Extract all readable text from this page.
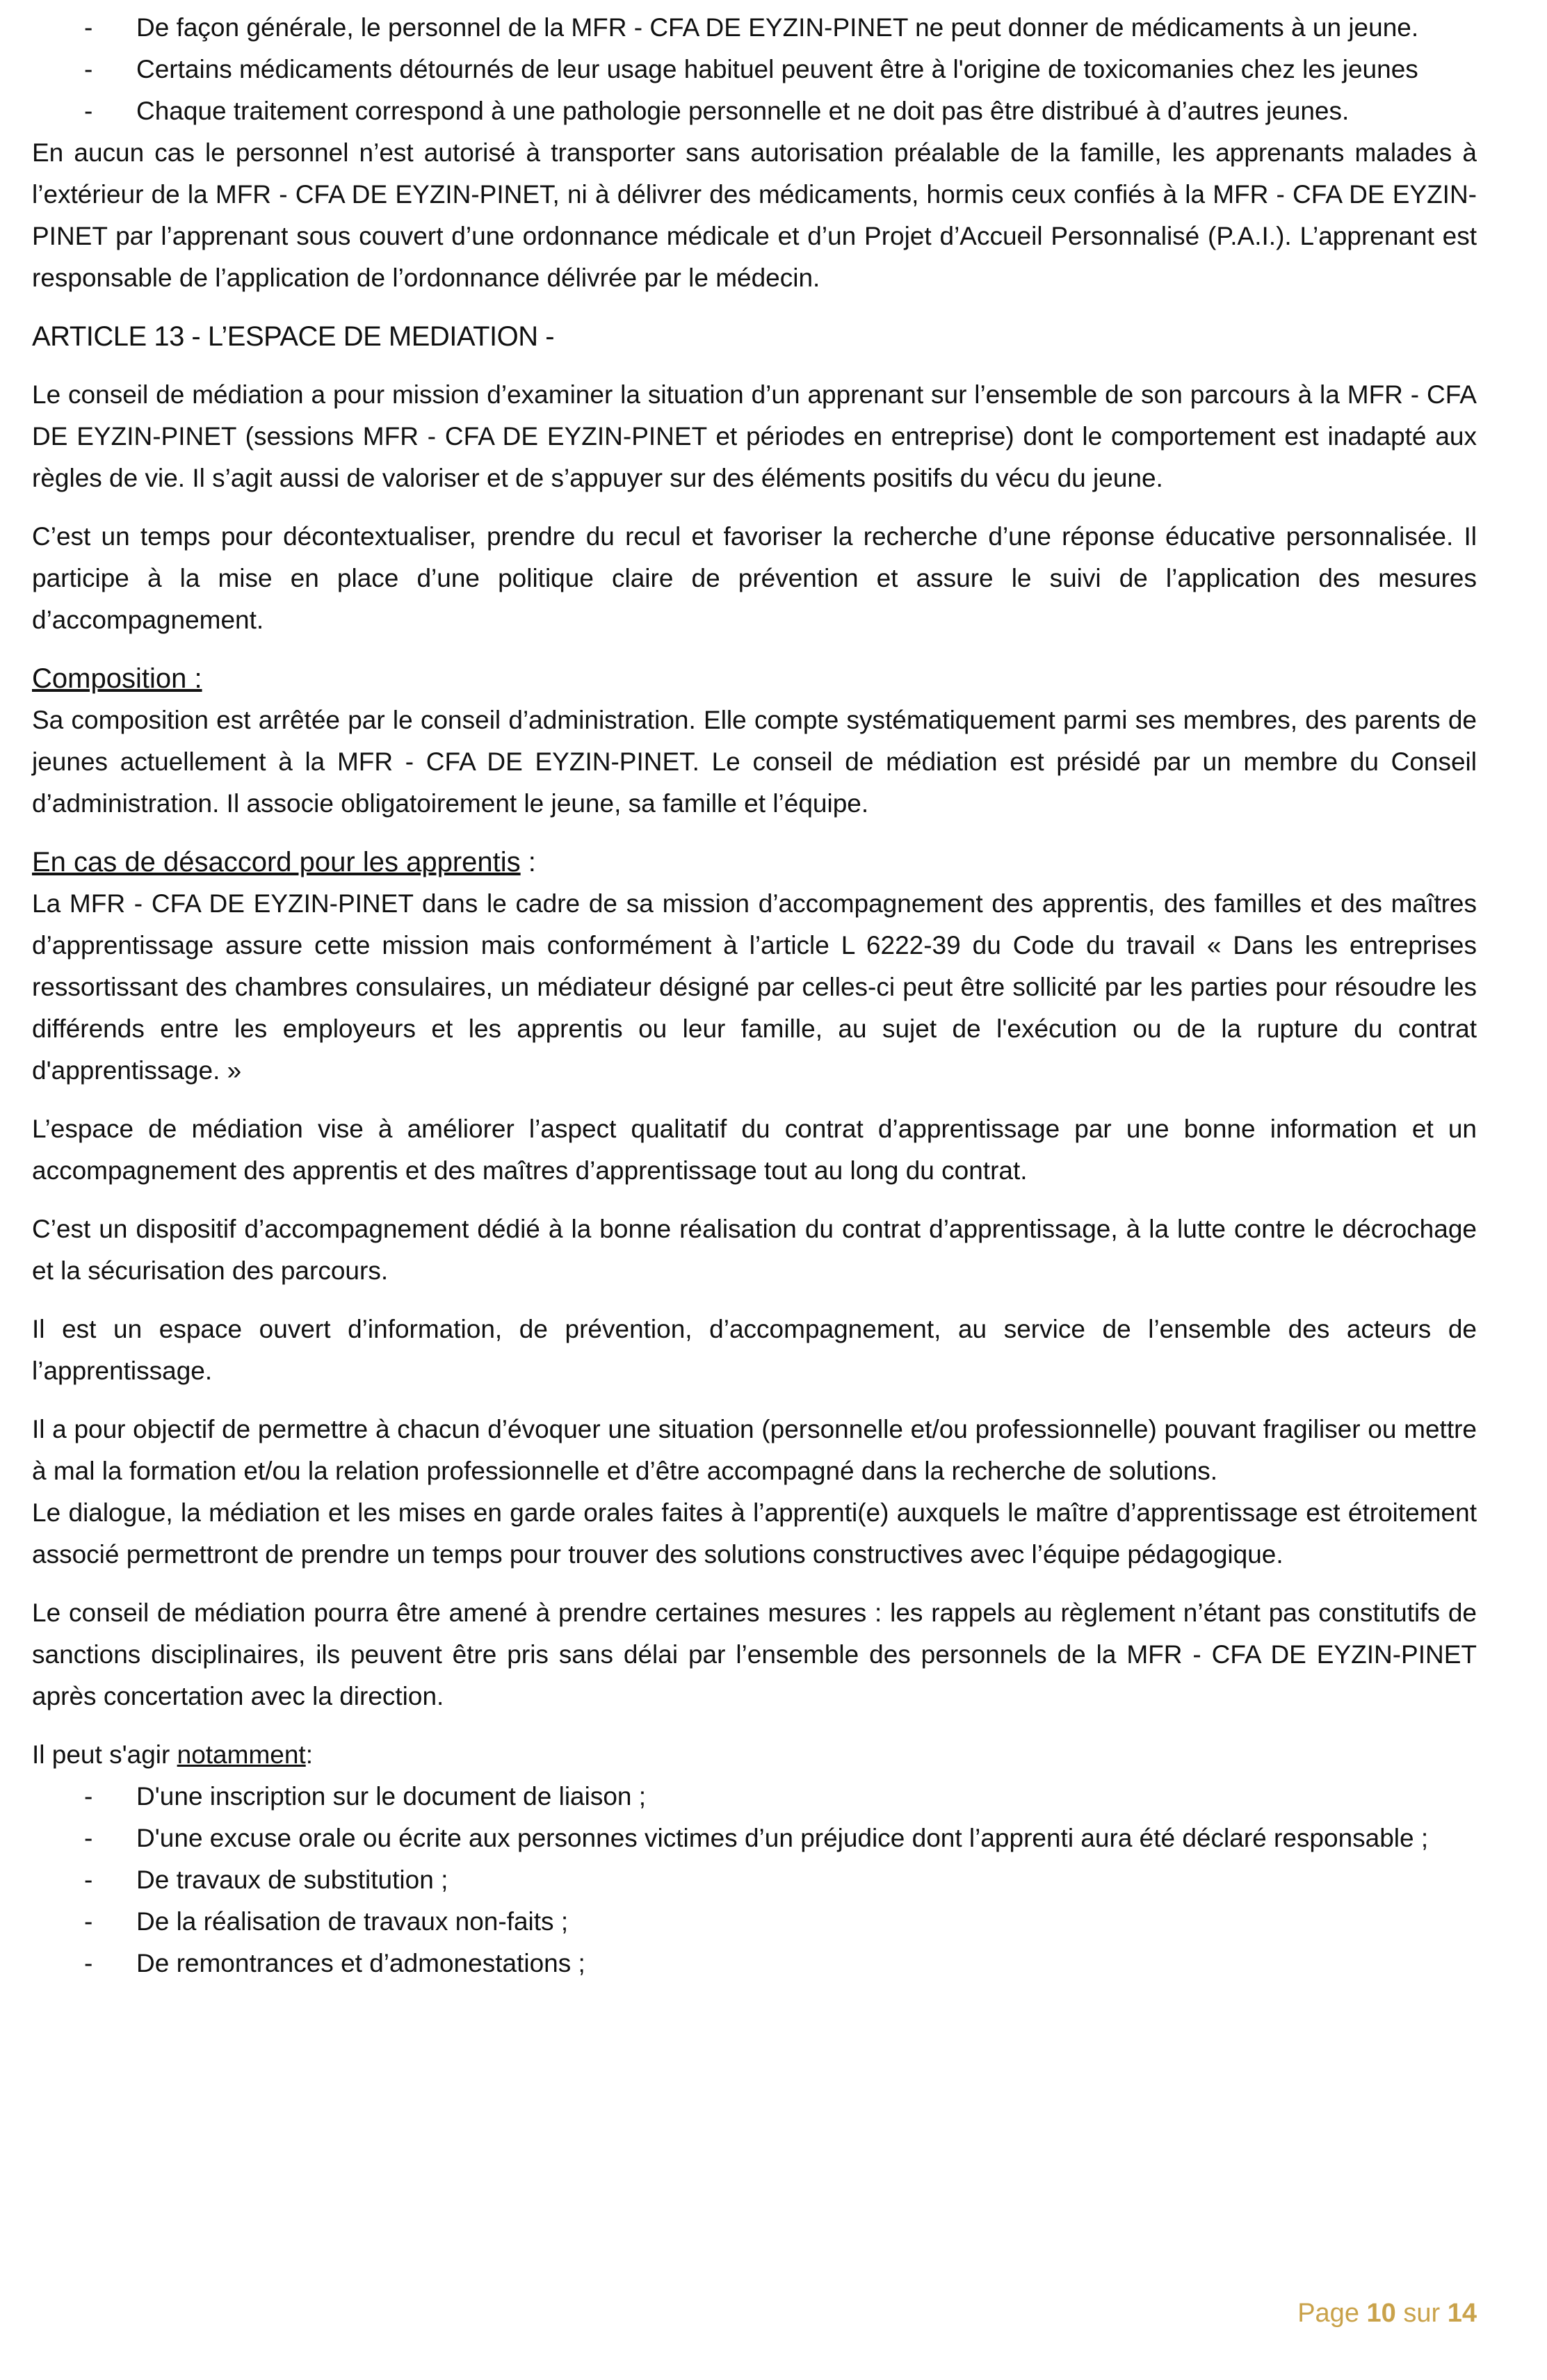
- De façon générale, le personnel de la MFR - CFA DE EYZIN-PINET ne peut donner de médicaments à un jeune.
- Certains médicaments détournés de leur usage habituel peuvent être à l'origine de toxicomanies chez les jeunes
- Chaque traitement correspond à une pathologie personnelle et ne doit pas être distribué à d’autres jeunes.

En aucun cas le personnel n’est autorisé à transporter sans autorisation préalable de la famille, les apprenants malades à l’extérieur de la MFR - CFA DE EYZIN-PINET, ni à délivrer des médicaments, hormis ceux confiés à la MFR - CFA DE EYZIN-PINET par l’apprenant sous couvert d’une ordonnance médicale et d’un Projet d’Accueil Personnalisé (P.A.I.). L’apprenant est responsable de l’application de l’ordonnance délivrée par le médecin.

ARTICLE 13 - L’ESPACE DE MEDIATION -

Le conseil de médiation a pour mission d’examiner la situation d’un apprenant sur l’ensemble de son parcours à la MFR - CFA DE EYZIN-PINET (sessions MFR - CFA DE EYZIN-PINET et périodes en entreprise) dont le comportement est inadapté aux règles de vie. Il s’agit aussi de valoriser et de s’appuyer sur des éléments positifs du vécu du jeune.

C’est un temps pour décontextualiser, prendre du recul et favoriser la recherche d’une réponse éducative personnalisée. Il participe à la mise en place d’une politique claire de prévention et assure le suivi de l’application des mesures d’accompagnement.

Composition :

Sa composition est arrêtée par le conseil d’administration. Elle compte systématiquement parmi ses membres, des parents de jeunes actuellement à la MFR - CFA DE EYZIN-PINET. Le conseil de médiation est présidé par un membre du Conseil d’administration. Il associe obligatoirement le jeune, sa famille et l’équipe.

En cas de désaccord pour les apprentis :

La MFR - CFA DE EYZIN-PINET dans le cadre de sa mission d’accompagnement des apprentis, des familles et des maîtres d’apprentissage assure cette mission mais conformément à l’article L 6222-39 du Code du travail « Dans les entreprises ressortissant des chambres consulaires, un médiateur désigné par celles-ci peut être sollicité par les parties pour résoudre les différends entre les employeurs et les apprentis ou leur famille, au sujet de l'exécution ou de la rupture du contrat d'apprentissage. »

L’espace de médiation vise à améliorer l’aspect qualitatif du contrat d’apprentissage par une bonne information et un accompagnement des apprentis et des maîtres d’apprentissage tout au long du contrat.

C’est un dispositif d’accompagnement dédié à la bonne réalisation du contrat d’apprentissage, à la lutte contre le décrochage et la sécurisation des parcours.

Il est un espace ouvert d’information, de prévention, d’accompagnement, au service de l’ensemble des acteurs de l’apprentissage.

Il a pour objectif de permettre à chacun d’évoquer une situation (personnelle et/ou professionnelle) pouvant fragiliser ou mettre à mal la formation et/ou la relation professionnelle et d’être accompagné dans la recherche de solutions.

Le dialogue, la médiation et les mises en garde orales faites à l’apprenti(e) auxquels le maître d’apprentissage est étroitement associé permettront de prendre un temps pour trouver des solutions constructives avec l’équipe pédagogique.

Le conseil de médiation pourra être amené à prendre certaines mesures : les rappels au règlement n’étant pas constitutifs de sanctions disciplinaires, ils peuvent être pris sans délai par l’ensemble des personnels de la MFR - CFA DE EYZIN-PINET après concertation avec la direction.

Il peut s'agir notamment:

- D'une inscription sur le document de liaison ;
- D'une excuse orale ou écrite aux personnes victimes d’un préjudice dont l’apprenti aura été déclaré responsable ;
- De travaux de substitution ;
- De la réalisation de travaux non-faits ;
- De remontrances et d’admonestations ;
Page 10 sur 14
